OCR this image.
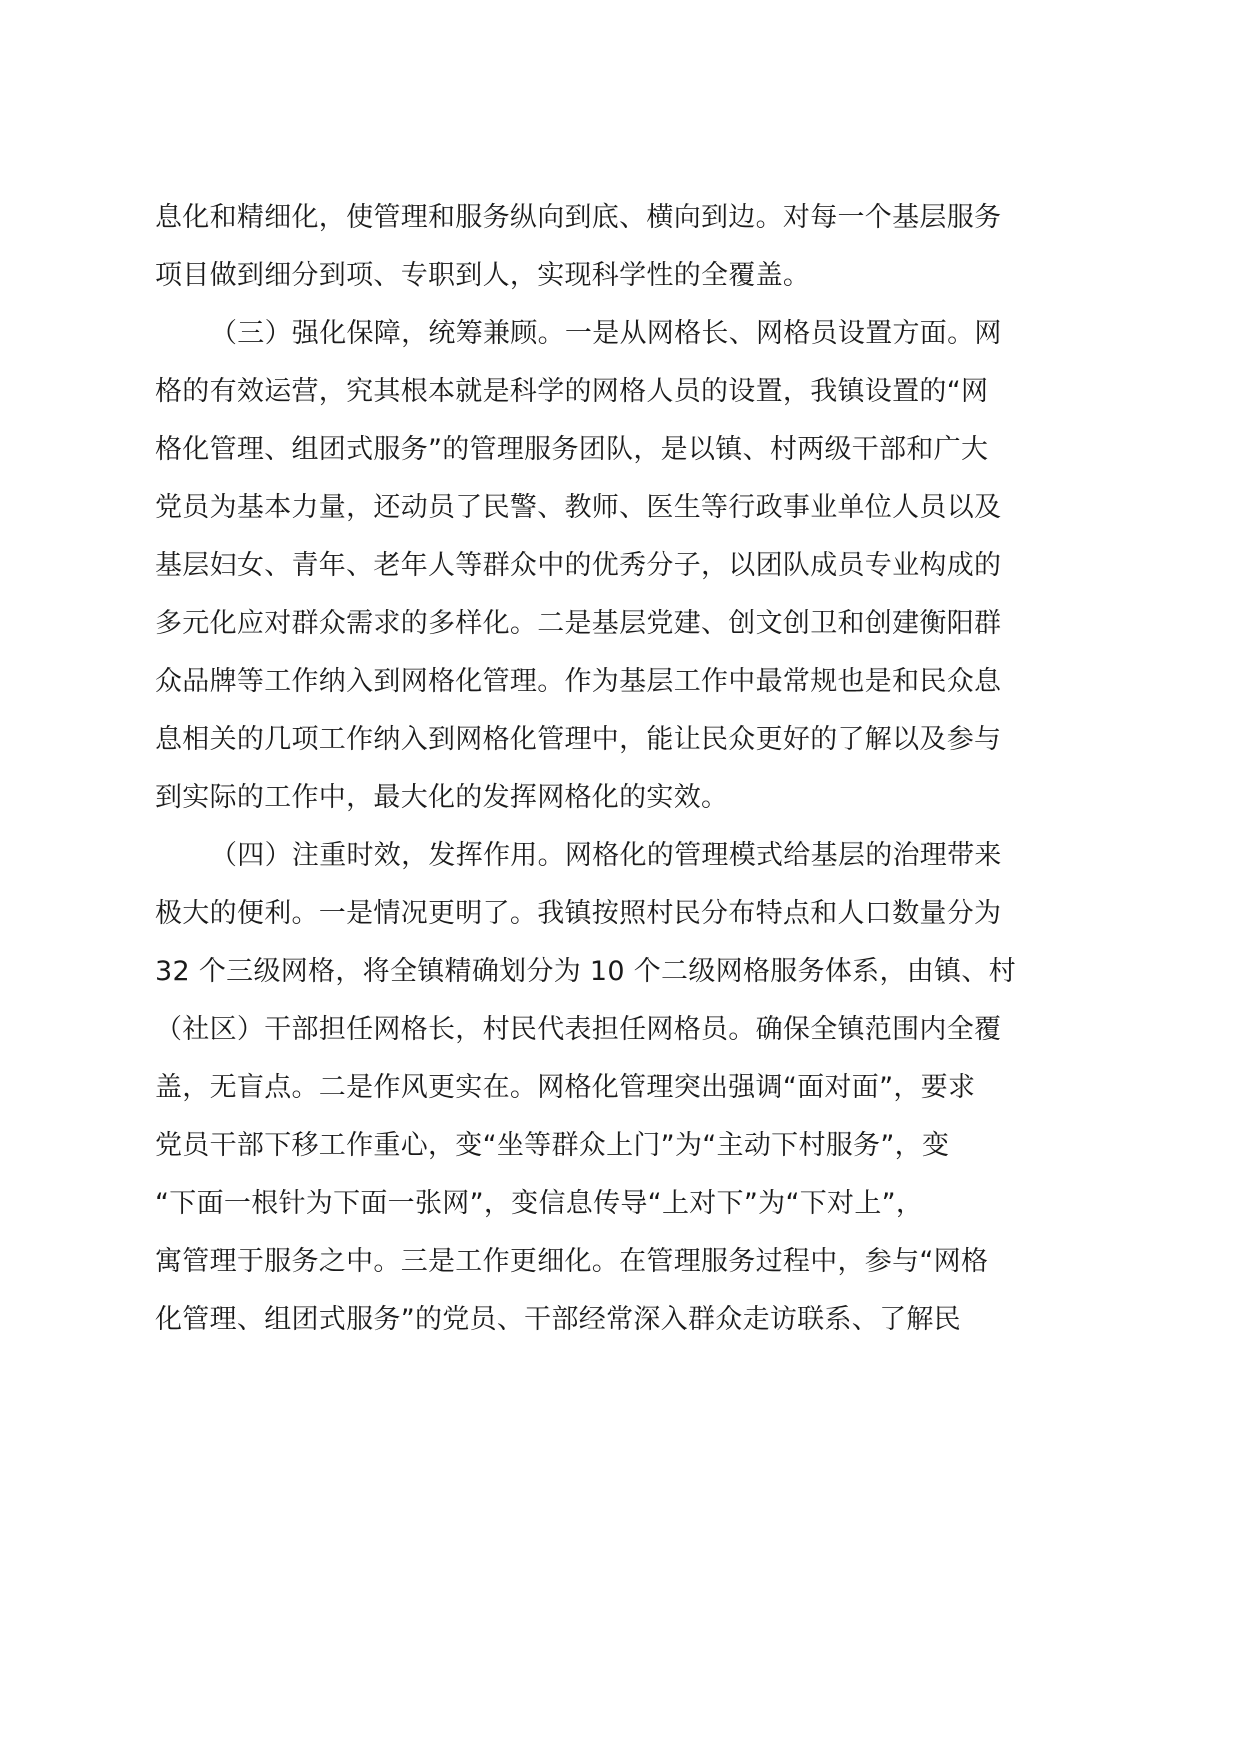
息化和精细化，使管理和服务纵向到底、横向到边。对每一个基层服务
项目做到细分到项、专职到人，实现科学性的全覆盖。
（三）强化保障，统筹兼顾。一是从网格长、网格员设置方面。网
格的有效运营，究其根本就是科学的网格人员的设置，我镇设置的“网
格化管理、组团式服务”的管理服务团队，是以镇、村两级干部和广大
党员为基本力量，还动员了民警、教师、医生等行政事业单位人员以及
基层妇女、青年、老年人等群众中的优秀分子，以团队成员专业构成的
多元化应对群众需求的多样化。二是基层党建、创文创卫和创建衡阳群
众品牌等工作纳入到网格化管理。作为基层工作中最常规也是和民众息
息相关的几项工作纳入到网格化管理中，能让民众更好的了解以及参与
到实际的工作中，最大化的发挥网格化的实效。
（四）注重时效，发挥作用。网格化的管理模式给基层的治理带来
极大的便利。一是情况更明了。我镇按照村民分布特点和人口数量分为
32 个三级网格，将全镇精确划分为 10 个二级网格服务体系，由镇、村
（社区）干部担任网格长，村民代表担任网格员。确保全镇范围内全覆
盖，无盲点。二是作风更实在。网格化管理突出强调“面对面”，要求
党员干部下移工作重心，变“坐等群众上门”为“主动下村服务”，变
“下面一根针为下面一张网”，变信息传导“上对下”为“下对上”，
寓管理于服务之中。三是工作更细化。在管理服务过程中，参与“网格
化管理、组团式服务”的党员、干部经常深入群众走访联系、了解民
